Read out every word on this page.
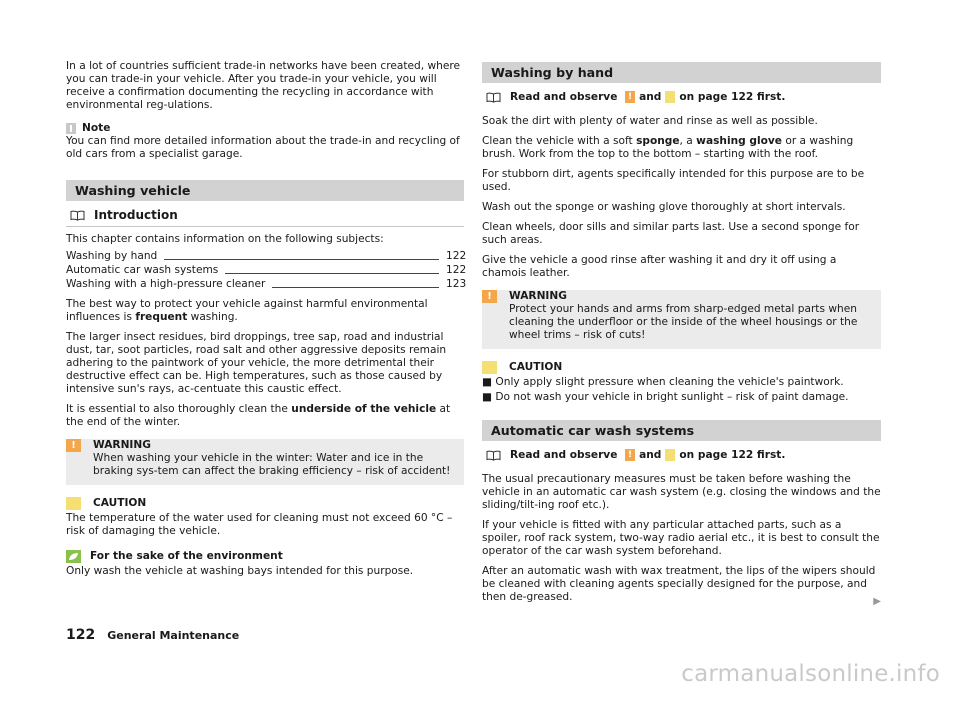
In a lot of countries sufficient trade-in networks have been created, where you can trade-in your vehicle. After you trade-in your vehicle, you will receive a confirmation documenting the recycling in accordance with environmental reg-ulations.

Note

You can find more detailed information about the trade-in and recycling of old cars from a specialist garage.

Washing vehicle
Introduction

This chapter contains information on the following subjects:

Washing by hand	122
Automatic car wash systems	122
Washing with a high-pressure cleaner	123

The best way to protect your vehicle against harmful environmental influences is frequent washing.

The larger insect residues, bird droppings, tree sap, road and industrial dust, tar, soot particles, road salt and other aggressive deposits remain adhering to the paintwork of your vehicle, the more detrimental their destructive effect can be. High temperatures, such as those caused by intensive sun's rays, ac-centuate this caustic effect.

It is essential to also thoroughly clean the underside of the vehicle at the end of the winter.

!	WARNING
When washing your vehicle in the winter: Water and ice in the braking sys-tem can affect the braking efficiency – risk of accident!
CAUTION

The temperature of the water used for cleaning must not exceed 60 °C – risk of damaging the vehicle.

For the sake of the environment

Only wash the vehicle at washing bays intended for this purpose.

Washing by hand
Read and observe ! and on page 122 first.

Soak the dirt with plenty of water and rinse as well as possible.

Clean the vehicle with a soft sponge, a washing glove or a washing brush. Work from the top to the bottom – starting with the roof.

For stubborn dirt, agents specifically intended for this purpose are to be used.

Wash out the sponge or washing glove thoroughly at short intervals.

Clean wheels, door sills and similar parts last. Use a second sponge for such areas.

Give the vehicle a good rinse after washing it and dry it off using a chamois leather.

!	WARNING
Protect your hands and arms from sharp-edged metal parts when cleaning the underfloor or the inside of the wheel housings or the wheel trims – risk of cuts!
CAUTION
■ Only apply slight pressure when cleaning the vehicle's paintwork.
■ Do not wash your vehicle in bright sunlight – risk of paint damage.
Automatic car wash systems
Read and observe ! and on page 122 first.

The usual precautionary measures must be taken before washing the vehicle in an automatic car wash system (e.g. closing the windows and the sliding/tilt-ing roof etc.).

If your vehicle is fitted with any particular attached parts, such as a spoiler, roof rack system, two-way radio aerial etc., it is best to consult the operator of the car wash system beforehand.

After an automatic wash with wax treatment, the lips of the wipers should be cleaned with cleaning agents specially designed for the purpose, and then de-greased.	▶
122 General Maintenance
carmanualsonline.info
